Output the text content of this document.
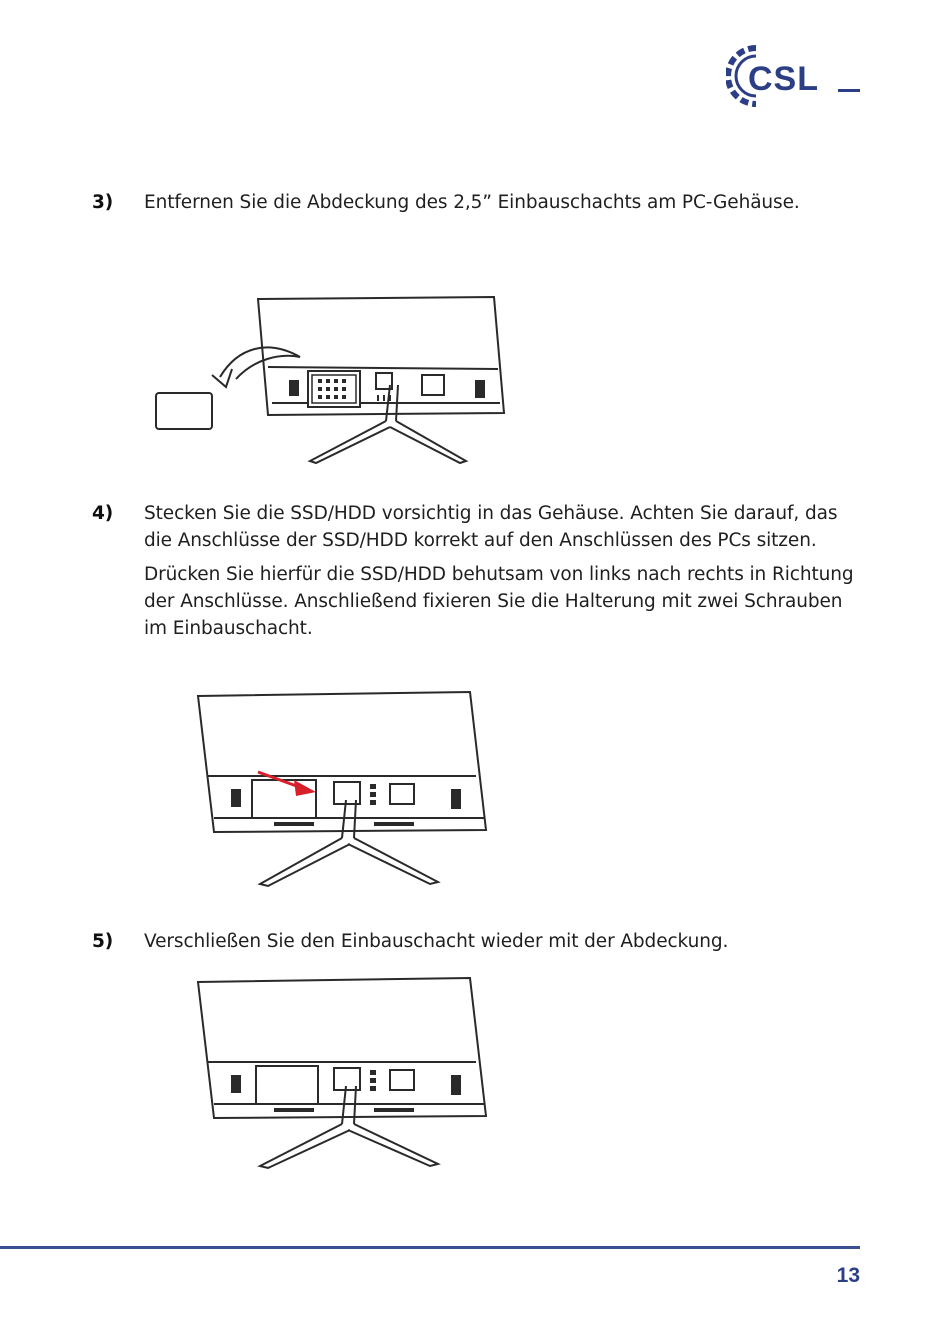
CSL

3) Entfernen Sie die Abdeckung des 2,5” Einbauschachts am PC-Gehäuse.

4) Stecken Sie die SSD/HDD vorsichtig in das Gehäuse. Achten Sie darauf, das die Anschlüsse der SSD/HDD korrekt auf den Anschlüssen des PCs sitzen.

Drücken Sie hierfür die SSD/HDD behutsam von links nach rechts in Richtung der Anschlüsse. Anschließend fixieren Sie die Halterung mit zwei Schrauben im Einbauschacht.

5) Verschließen Sie den Einbauschacht wieder mit der Abdeckung.

13
